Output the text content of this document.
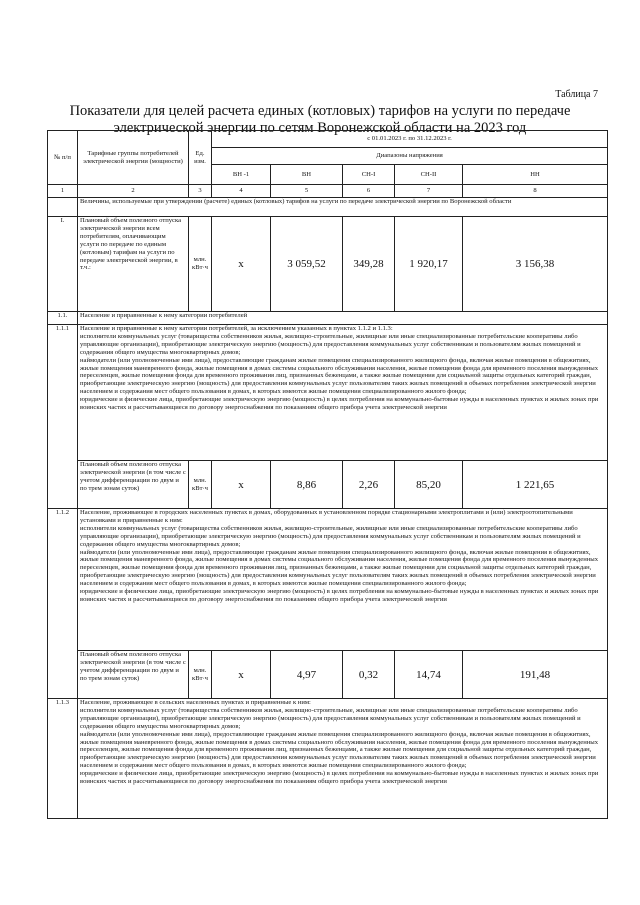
Таблица 7
Показатели для целей расчета единых (котловых) тарифов на услуги по передаче электрической энергии по сетям Воронежской области на 2023 год
№ п/п	Тарифные группы потребителей электрической энергии (мощности)	Ед. изм.	с 01.01.2023 г. по 31.12.2023 г.				
			Диапазоны напряжения				
			ВН -1	ВН	СН-I	СН-II	НН
1	2	3	4	5	6	7	8
	Величины, используемые при утверждении (расчете) единых (котловых) тарифов на услуги по передаче электрической энергии по Воронежской области						
I.	Плановый объем полезного отпуска электрической энергии всем потребителям, оплачивающим услуги по передаче по единым (котловым) тарифам на услуги по передаче электрической энергии, в т.ч.:	млн. кВт·ч	x	3 059,52	349,28	1 920,17	3 156,38
1.1.	Население и приравненные к нему категории потребителей						
1.1.1	Население и приравненные к нему категории потребителей, за исключением указанных в пунктах 1.1.2 и 1.1.3:

исполнители коммунальных услуг (товарищества собственников жилья, жилищно-строительные, жилищные или иные специализированные потребительские кооперативы либо управляющие организации), приобретающие электрическую энергию (мощность) для предоставления коммунальных услуг собственникам и пользователям жилых помещений и содержания общего имущества многоквартирных домов;

наймодатели (или уполномоченные ими лица), предоставляющие гражданам жилые помещения специализированного жилищного фонда, включая жилые помещения в общежитиях, жилые помещения маневренного фонда, жилые помещения в домах системы социального обслуживания населения, жилые помещения фонда для временного поселения вынужденных переселенцев, жилые помещения фонда для временного проживания лиц, признанных беженцами, а также жилые помещения для социальной защиты отдельных категорий граждан, приобретающие электрическую энергию (мощность) для предоставления коммунальных услуг пользователям таких жилых помещений в объемах потребления электрической энергии населением и содержания мест общего пользования в домах, в которых имеются жилые помещения специализированного жилого фонда;

юридические и физические лица, приобретающие электрическую энергию (мощность) в целях потребления на коммунально-бытовые нужды в населенных пунктах и жилых зонах при воинских частях и рассчитывающиеся по договору энергоснабжения по показаниям общего прибора учета электрической энергии						

	Плановый объем полезного отпуска электрической энергии (в том числе с учетом дифференциации по двум и по трем зонам суток)	млн. кВт·ч	x	8,86	2,26	85,20	1 221,65
1.1.2	Население, проживающее в городских населенных пунктах в домах, оборудованных в установленном порядке стационарными электроплитами и (или) электроотопительными установками и приравненные к ним:

исполнители коммунальных услуг (товарищества собственников жилья, жилищно-строительные, жилищные или иные специализированные потребительские кооперативы либо управляющие организации), приобретающие электрическую энергию (мощность) для предоставления коммунальных услуг собственникам и пользователям жилых помещений и содержания общего имущества многоквартирных домов;

наймодатели (или уполномоченные ими лица), предоставляющие гражданам жилые помещения специализированного жилищного фонда, включая жилые помещения в общежитиях, жилые помещения маневренного фонда, жилые помещения в домах системы социального обслуживания населения, жилые помещения фонда для временного поселения вынужденных переселенцев, жилые помещения фонда для временного проживания лиц, признанных беженцами, а также жилые помещения для социальной защиты отдельных категорий граждан, приобретающие электрическую энергию (мощность) для предоставления коммунальных услуг пользователям таких жилых помещений в объемах потребления электрической энергии населением и содержания мест общего пользования в домах, в которых имеются жилые помещения специализированного жилого фонда;

юридические и физические лица, приобретающие электрическую энергию (мощность) в целях потребления на коммунально-бытовые нужды в населенных пунктах и жилых зонах при воинских частях и рассчитывающиеся по договору энергоснабжения по показаниям общего прибора учета электрической энергии						

	Плановый объем полезного отпуска электрической энергии (в том числе с учетом дифференциации по двум и по трем зонам суток)	млн. кВт·ч	x	4,97	0,32	14,74	191,48
1.1.3	Население, проживающее в сельских населенных пунктах и приравненные к ним:

исполнители коммунальных услуг (товарищества собственников жилья, жилищно-строительные, жилищные или иные специализированные потребительские кооперативы либо управляющие организации), приобретающие электрическую энергию (мощность) для предоставления коммунальных услуг собственникам и пользователям жилых помещений и содержания общего имущества многоквартирных домов;

наймодатели (или уполномоченные ими лица), предоставляющие гражданам жилые помещения специализированного жилищного фонда, включая жилые помещения в общежитиях, жилые помещения маневренного фонда, жилые помещения в домах системы социального обслуживания населения, жилые помещения фонда для временного поселения вынужденных переселенцев, жилые помещения фонда для временного проживания лиц, признанных беженцами, а также жилые помещения для социальной защиты отдельных категорий граждан, приобретающие электрическую энергию (мощность) для предоставления коммунальных услуг пользователям таких жилых помещений в объемах потребления электрической энергии населением и содержания мест общего пользования в домах, в которых имеются жилые помещения специализированного жилого фонда;

юридические и физические лица, приобретающие электрическую энергию (мощность) в целях потребления на коммунально-бытовые нужды в населенных пунктах и жилых зонах при воинских частях и рассчитывающиеся по договору энергоснабжения по показаниям общего прибора учета электрической энергии						
